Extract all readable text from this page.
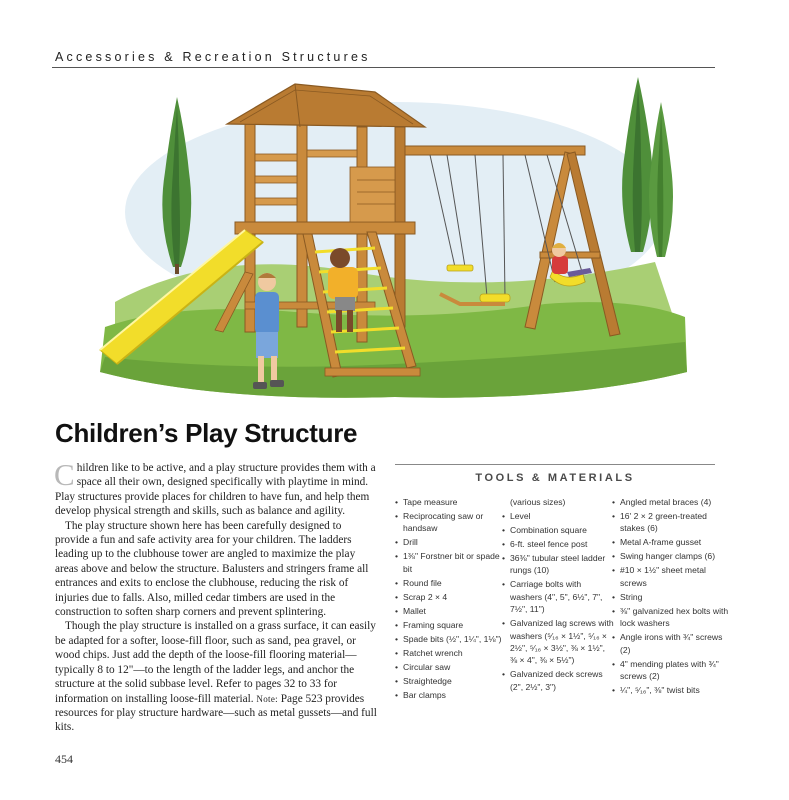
Accessories & Recreation Structures
Children’s Play Structure

Children like to be active, and a play structure provides them with a space all their own, designed specifically with playtime in mind. Play structures provide places for children to have fun, and help them develop physical strength and skills, such as balance and agility.

The play structure shown here has been carefully designed to provide a fun and safe activity area for your children. The ladders leading up to the clubhouse tower are angled to maximize the play areas above and below the structure. Balusters and stringers frame all entrances and exits to enclose the clubhouse, reducing the risk of injuries due to falls. Also, milled cedar timbers are used in the construction to soften sharp corners and prevent splintering.

Though the play structure is installed on a grass surface, it can easily be adapted for a softer, loose-fill floor, such as sand, pea gravel, or wood chips. Just add the depth of the loose-fill flooring material—typically 8 to 12"—to the length of the ladder legs, and anchor the structure at the solid subbase level. Refer to pages 32 to 33 for information on installing loose-fill material. Note: Page 523 provides resources for play structure hardware—such as metal gussets—and full kits.

TOOLS & MATERIALS
• Tape measure
• Reciprocating saw or handsaw
• Drill
• 1⅜" Forstner bit or spade bit
• Round file
• Scrap 2 × 4
• Mallet
• Framing square
• Spade bits (½", 1¼", 1⅛")
• Ratchet wrench
• Circular saw
• Straightedge
• Bar clamps
(various sizes)
• Level
• Combination square
• 6-ft. steel fence post
• 36⅜" tubular steel ladder rungs (10)
• Carriage bolts with washers (4", 5", 6½", 7", 7½", 11")
• Galvanized lag screws with washers (⁵⁄₁₆ × 1½", ⁵⁄₁₆ × 2½", ⁵⁄₁₆ × 3½", ⅜ × 1½", ⅜ × 4", ⅜ × 5½")
• Galvanized deck screws (2", 2½", 3")
• Angled metal braces (4)
• 16' 2 × 2 green-treated stakes (6)
• Metal A-frame gusset
• Swing hanger clamps (6)
• #10 × 1½" sheet metal screws
• String
• ⅜" galvanized hex bolts with lock washers
• Angle irons with ¾" screws (2)
• 4" mending plates with ¾" screws (2)
• ¼", ⁵⁄₁₆", ⅜" twist bits
454
